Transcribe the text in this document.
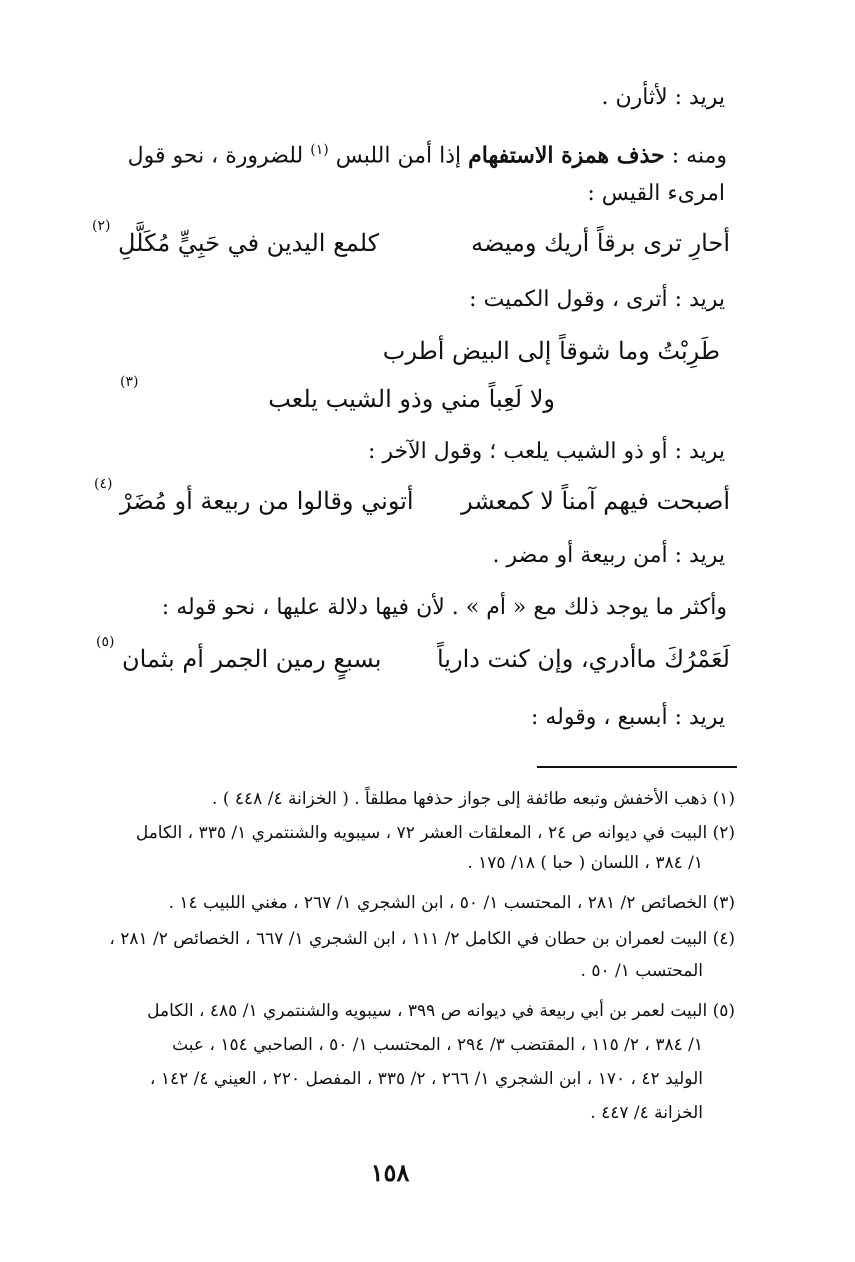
يريد : لأثأرن .
ومنه : حذف همزة الاستفهام إذا أمن اللبس $^{(١)}$ للضرورة ، نحو قول
امرىء القيس :
أحارِ ترى برقاً أريك وميضه
كلمع اليدين في حَبِيٍّ مُكَلَّلِ
(٢)
يريد : أترى ، وقول الكميت :
طَرِبْتُ وما شوقاً إلى البيض أطرب
ولا لَعِباً مني وذو الشيب يلعب
(٣)
يريد : أو ذو الشيب يلعب ؛ وقول الآخر :
أصبحت فيهم آمناً لا كمعشر
أتوني وقالوا من ربيعة أو مُضَرْ
(٤)
يريد : أمن ربيعة أو مضر .
وأكثر ما يوجد ذلك مع « أم » . لأن فيها دلالة عليها ، نحو قوله :
لَعَمْرُكَ ماأدري، وإن كنت دارياً
بسبعٍ رمين الجمر أم بثمان
(٥)
يريد : أبسبع ، وقوله :
(١) ذهب الأخفش وتبعه طائفة إلى جواز حذفها مطلقاً . ( الخزانة ٤/ ٤٤٨ ) .
(٢) البيت في ديوانه ص ٢٤ ، المعلقات العشر ٧٢ ، سيبويه والشنتمري ١/ ٣٣٥ ، الكامل
١/ ٣٨٤ ، اللسان ( حبا ) ١٨/ ١٧٥ .
(٣) الخصائص ٢/ ٢٨١ ، المحتسب ١/ ٥٠ ، ابن الشجري ١/ ٢٦٧ ، مغني اللبيب ١٤ .
(٤) البيت لعمران بن حطان في الكامل ٢/ ١١١ ، ابن الشجري ١/ ٦٦٧ ، الخصائص ٢/ ٢٨١ ،
المحتسب ١/ ٥٠ .
(٥) البيت لعمر بن أبي ربيعة في ديوانه ص ٣٩٩ ، سيبويه والشنتمري ١/ ٤٨٥ ، الكامل
١/ ٣٨٤ ، ٢/ ١١٥ ، المقتضب ٣/ ٢٩٤ ، المحتسب ١/ ٥٠ ، الصاحبي ١٥٤ ، عبث
الوليد ٤٢ ، ١٧٠ ، ابن الشجري ١/ ٢٦٦ ، ٢/ ٣٣٥ ، المفصل ٢٢٠ ، العيني ٤/ ١٤٢ ،
الخزانة ٤/ ٤٤٧ .
١٥٨
